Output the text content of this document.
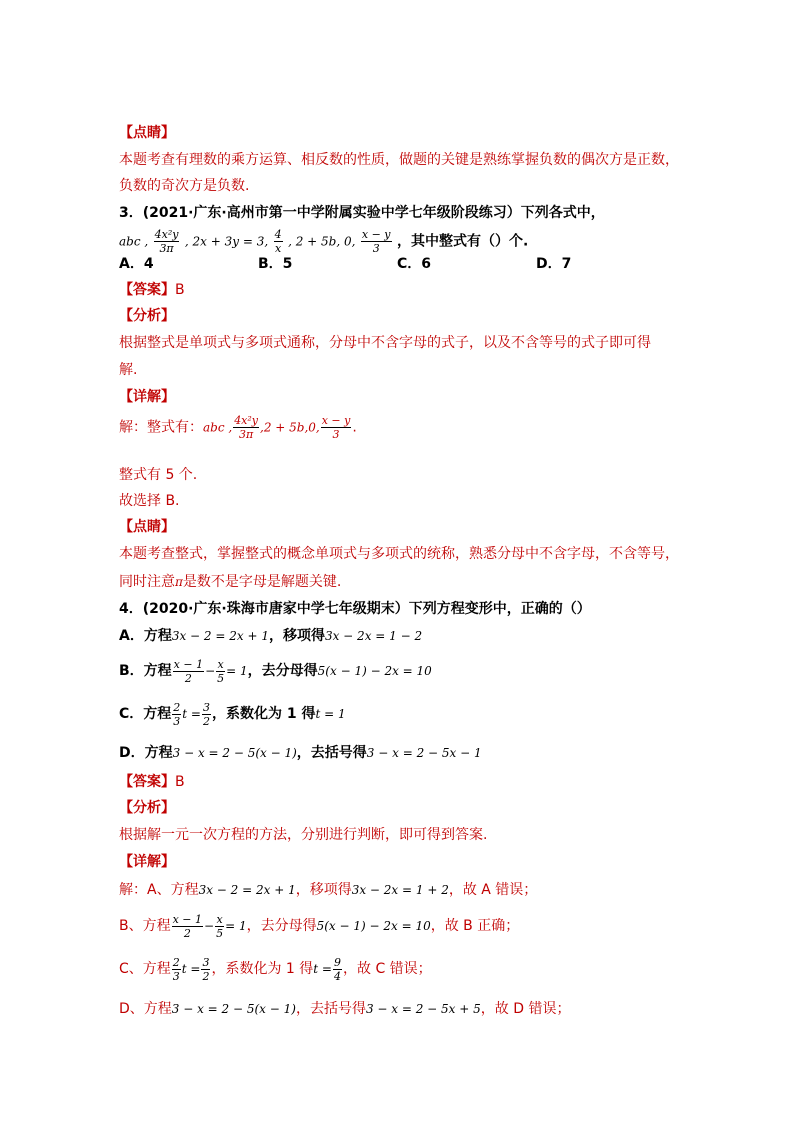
【点睛】
本题考查有理数的乘方运算、相反数的性质，做题的关键是熟练掌握负数的偶次方是正数，
负数的奇次方是负数.
3．(2021·广东·高州市第一中学附属实验中学七年级阶段练习）下列各式中，
abc , $\frac{\text{4x²y}}{3\pi}$ , 2x + 3y = 3, $\frac{4}{x}$ , 2 + 5b, 0, $\frac{x - y}{3}$ ，其中整式有（）个.
A．4	B．5	C．6	D．7
【答案】B
【分析】
根据整式是单项式与多项式通称，分母中不含字母的式子，以及不含等号的式子即可得
解.
【详解】
解：整式有：abc , $\frac{\text{4x²y}}{3\pi} ,2 + 5b,0$, $\frac{x - y}{3}$ .
整式有 5 个.
故选择 B.
【点睛】
本题考查整式，掌握整式的概念单项式与多项式的统称，熟悉分母中不含字母，不含等号，
同时注意π是数不是字母是解题关键.
4．(2020·广东·珠海市唐家中学七年级期末）下列方程变形中，正确的（）
A．方程3x − 2 = 2x + 1，移项得3x − 2x = 1 − 2
B．方程 $\frac{x - 1}{2} - \frac{x}{5} = 1$，去分母得5(x − 1) − 2x = 10
C．方程 $\frac{2}{3}$ $t = \frac{3}{2}$ ，系数化为 1 得t = 1
D．方程3 − x = 2 − 5(x − 1)，去括号得3 − x = 2 − 5x − 1
【答案】B
【分析】
根据解一元一次方程的方法，分别进行判断，即可得到答案.
【详解】
解：A、方程3x − 2 = 2x + 1，移项得3x − 2x = 1 + 2，故 A 错误；
B、方程 $\frac{x - 1}{2} - \frac{x}{5} = 1$，去分母得5(x − 1) − 2x = 10，故 B 正确；
C、方程 $\frac{2}{3}$ $t = \frac{3}{2}$ ，系数化为 1 得$t = \frac{9}{4}$ ，故 C 错误；
D、方程3 − x = 2 − 5(x − 1)，去括号得3 − x = 2 − 5x + 5，故 D 错误；
